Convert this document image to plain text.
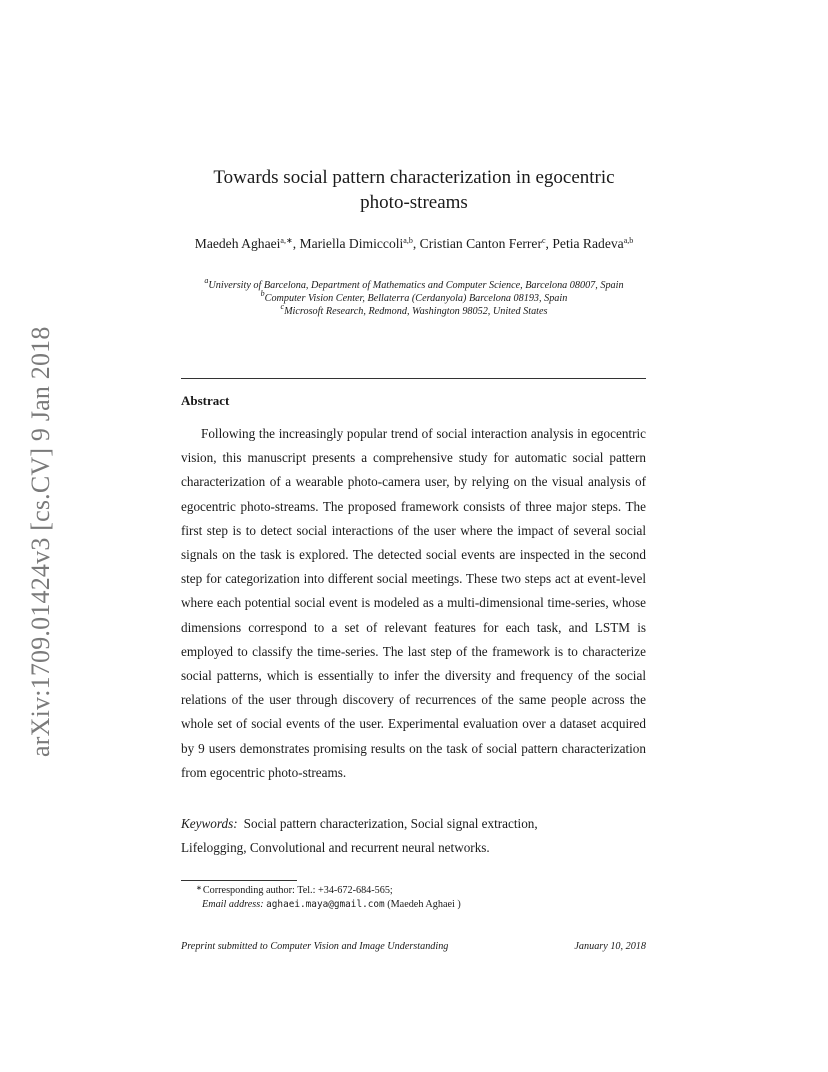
arXiv:1709.01424v3 [cs.CV] 9 Jan 2018
Towards social pattern characterization in egocentric
photo-streams
Maedeh Aghaei$^{a,∗}$, Mariella Dimiccoli$^{a,b}$, Cristian Canton Ferrer$^c$, Petia Radeva$^{a,b}$
$^a$University of Barcelona, Department of Mathematics and Computer Science, Barcelona 08007, Spain
$^b$Computer Vision Center, Bellaterra (Cerdanyola) Barcelona 08193, Spain
$^c$Microsoft Research, Redmond, Washington 98052, United States
Abstract

Following the increasingly popular trend of social interaction analysis in egocentric vision, this manuscript presents a comprehensive study for automatic social pattern characterization of a wearable photo-camera user, by relying on the visual analysis of egocentric photo-streams. The proposed framework consists of three major steps. The first step is to detect social interactions of the user where the impact of several social signals on the task is explored. The detected social events are inspected in the second step for categorization into different social meetings. These two steps act at event-level where each potential social event is modeled as a multi-dimensional time-series, whose dimensions correspond to a set of relevant features for each task, and LSTM is employed to classify the time-series. The last step of the framework is to characterize social patterns, which is essentially to infer the diversity and frequency of the social relations of the user through discovery of recurrences of the same people across the whole set of social events of the user. Experimental evaluation over a dataset acquired by 9 users demonstrates promising results on the task of social pattern characterization from egocentric photo-streams.

Keywords: Social pattern characterization, Social signal extraction, Lifelogging, Convolutional and recurrent neural networks.

∗Corresponding author: Tel.: +34-672-684-565;
Email address: aghaei.maya@gmail.com (Maedeh Aghaei )
Preprint submitted to Computer Vision and Image Understanding	January 10, 2018
